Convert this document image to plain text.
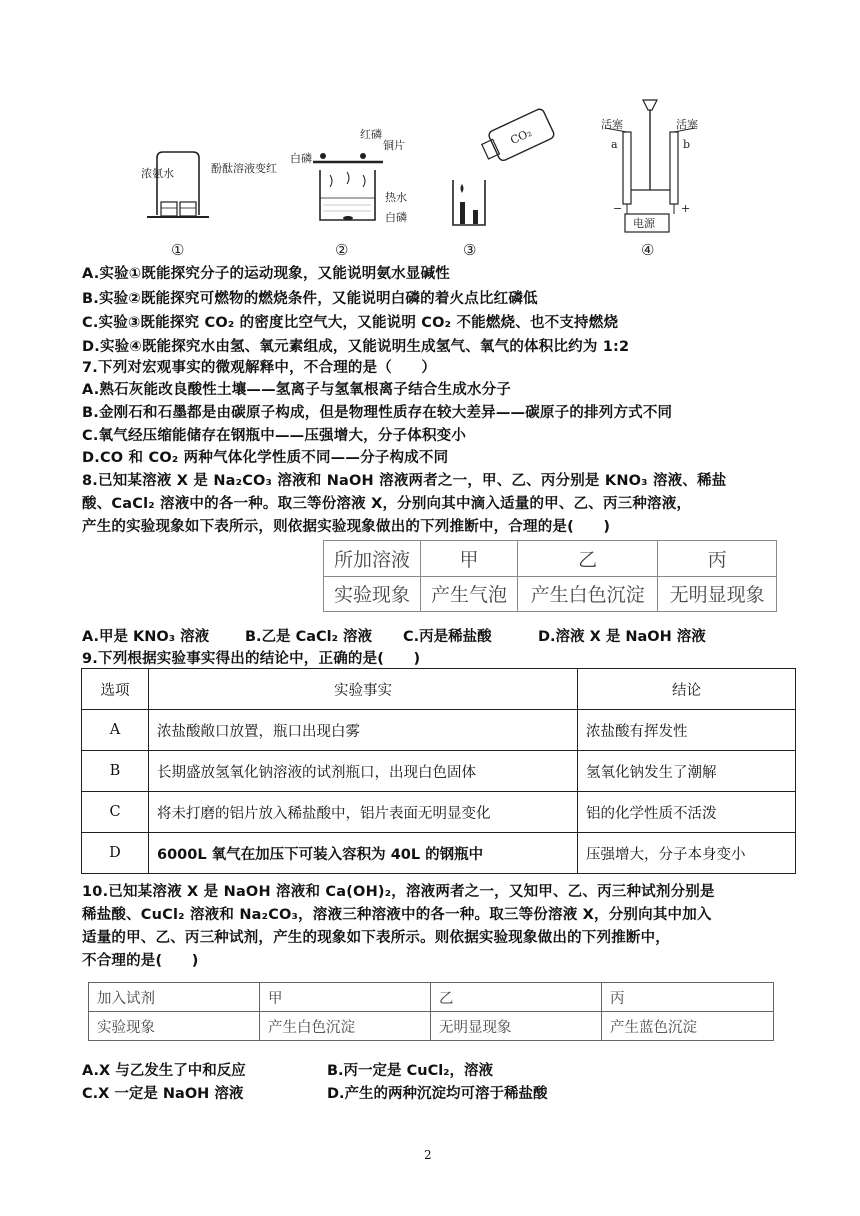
浓氨水	酚酞溶液变红
白磷
红磷
铜片
热水
白磷
CO₂
活塞	活塞
a	b
电源
−	+
①	②	③	④
A.实验①既能探究分子的运动现象，又能说明氨水显碱性
B.实验②既能探究可燃物的燃烧条件，又能说明白磷的着火点比红磷低
C.实验③既能探究 CO₂ 的密度比空气大，又能说明 CO₂ 不能燃烧、也不支持燃烧
D.实验④既能探究水由氢、氧元素组成，又能说明生成氢气、氧气的体积比约为 1:2
7.下列对宏观事实的微观解释中，不合理的是（　　）
A.熟石灰能改良酸性土壤——氢离子与氢氧根离子结合生成水分子
B.金刚石和石墨都是由碳原子构成，但是物理性质存在较大差异——碳原子的排列方式不同
C.氧气经压缩能储存在钢瓶中——压强增大，分子体积变小
D.CO 和 CO₂ 两种气体化学性质不同——分子构成不同
8.已知某溶液 X 是 Na₂CO₃ 溶液和 NaOH 溶液两者之一，甲、乙、丙分别是 KNO₃ 溶液、稀盐
酸、CaCl₂ 溶液中的各一种。取三等份溶液 X，分别向其中滴入适量的甲、乙、丙三种溶液，
产生的实验现象如下表所示，则依据实验现象做出的下列推断中，合理的是(　　)
所加溶液	甲	乙	丙
实验现象	产生气泡	产生白色沉淀	无明显现象
A.甲是 KNO₃ 溶液 B.乙是 CaCl₂ 溶液 C.丙是稀盐酸	D.溶液 X 是 NaOH 溶液
9.下列根据实验事实得出的结论中，正确的是(　　)
选项	实验事实	结论
A	浓盐酸敞口放置，瓶口出现白雾	浓盐酸有挥发性
B	长期盛放氢氧化钠溶液的试剂瓶口，出现白色固体	氢氧化钠发生了潮解
C	将未打磨的铝片放入稀盐酸中，铝片表面无明显变化	铝的化学性质不活泼
D	6000L 氧气在加压下可装入容积为 40L 的钢瓶中	压强增大，分子本身变小
10.已知某溶液 X 是 NaOH 溶液和 Ca(OH)₂，溶液两者之一，又知甲、乙、丙三种试剂分别是
稀盐酸、CuCl₂ 溶液和 Na₂CO₃，溶液三种溶液中的各一种。取三等份溶液 X，分别向其中加入
适量的甲、乙、丙三种试剂，产生的现象如下表所示。则依据实验现象做出的下列推断中，
不合理的是(　　)
加入试剂	甲	乙	丙
实验现象	产生白色沉淀	无明显现象	产生蓝色沉淀
A.X 与乙发生了中和反应	B.丙一定是 CuCl₂，溶液
C.X 一定是 NaOH 溶液	D.产生的两种沉淀均可溶于稀盐酸
2
